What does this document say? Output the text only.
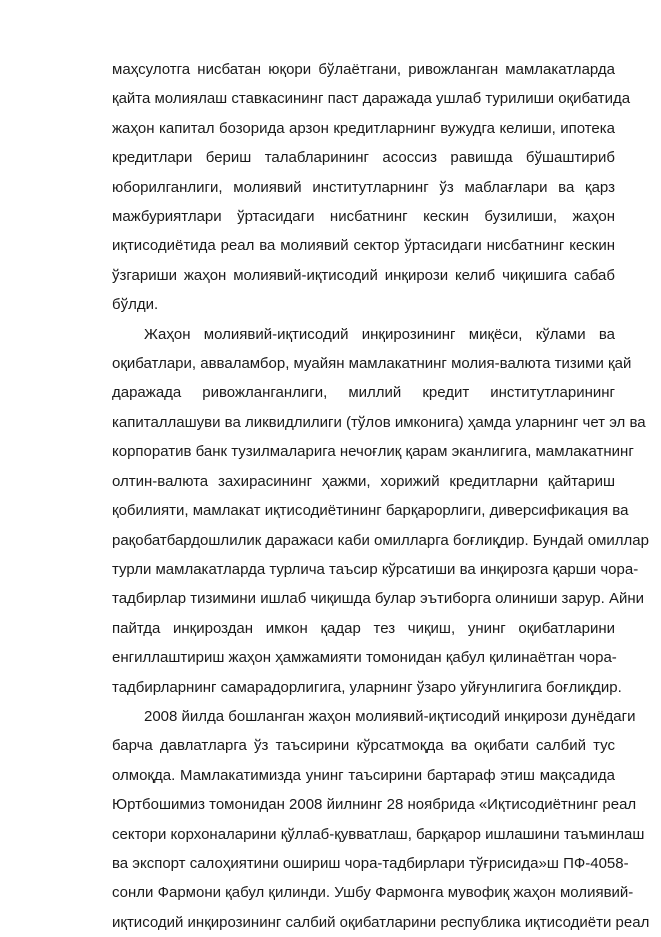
маҳсулотга нисбатан юқори бўлаётгани, ривожланган мамлакатларда
қайта молиялаш ставкасининг паст даражада ушлаб турилиши оқибатида
жаҳон капитал бозорида арзон кредитларнинг вужудга келиши, ипотека
кредитлари бериш талабларининг асоссиз равишда бўшаштириб
юборилганлиги, молиявий институтларнинг ўз маблағлари ва қарз
мажбуриятлари ўртасидаги нисбатнинг кескин бузилиши, жаҳон
иқтисодиётида реал ва молиявий сектор ўртасидаги нисбатнинг кескин
ўзгариши жаҳон молиявий-иқтисодий инқирози келиб чиқишига сабаб
бўлди.

Жаҳон молиявий-иқтисодий инқирозининг миқёси, кўлами ва
оқибатлари, авваламбор, муайян мамлакатнинг молия-валюта тизими қай
даражада ривожланганлиги, миллий кредит институтларининг
капиталлашуви ва ликвидлилиги (тўлов имконига) ҳамда уларнинг чет эл ва
корпоратив банк тузилмаларига нечоғлиқ қарам эканлигига, мамлакатнинг
олтин-валюта захирасининг ҳажми, хорижий кредитларни қайтариш
қобилияти, мамлакат иқтисодиётининг барқарорлиги, диверсификация ва
рақобатбардошлилик даражаси каби омилларга боғлиқдир. Бундай омиллар
турли мамлакатларда турлича таъсир кўрсатиши ва инқирозга қарши чора-
тадбирлар тизимини ишлаб чиқишда булар эътиборга олиниши зарур. Айни
пайтда инқироздан имкон қадар тез чиқиш, унинг оқибатларини
енгиллаштириш жаҳон ҳамжамияти томонидан қабул қилинаётган чора-
тадбирларнинг самарадорлигига, уларнинг ўзаро уйғунлигига боғлиқдир.

2008 йилда бошланган жаҳон молиявий-иқтисодий инқирози дунёдаги
барча давлатларга ўз таъсирини кўрсатмоқда ва оқибати салбий тус
олмоқда. Мамлакатимизда унинг таъсирини бартараф этиш мақсадида
Юртбошимиз томонидан 2008 йилнинг 28 ноябрида «Иқтисодиётнинг реал
сектори корхоналарини қўллаб-қувватлаш, барқарор ишлашини таъминлаш
ва экспорт салоҳиятини ошириш чора-тадбирлари тўғрисида»ш ПФ-4058-
сонли Фармони қабул қилинди. Ушбу Фармонга мувофиқ жаҳон молиявий-
иқтисодий инқирозининг салбий оқибатларини республика иқтисодиёти реал
